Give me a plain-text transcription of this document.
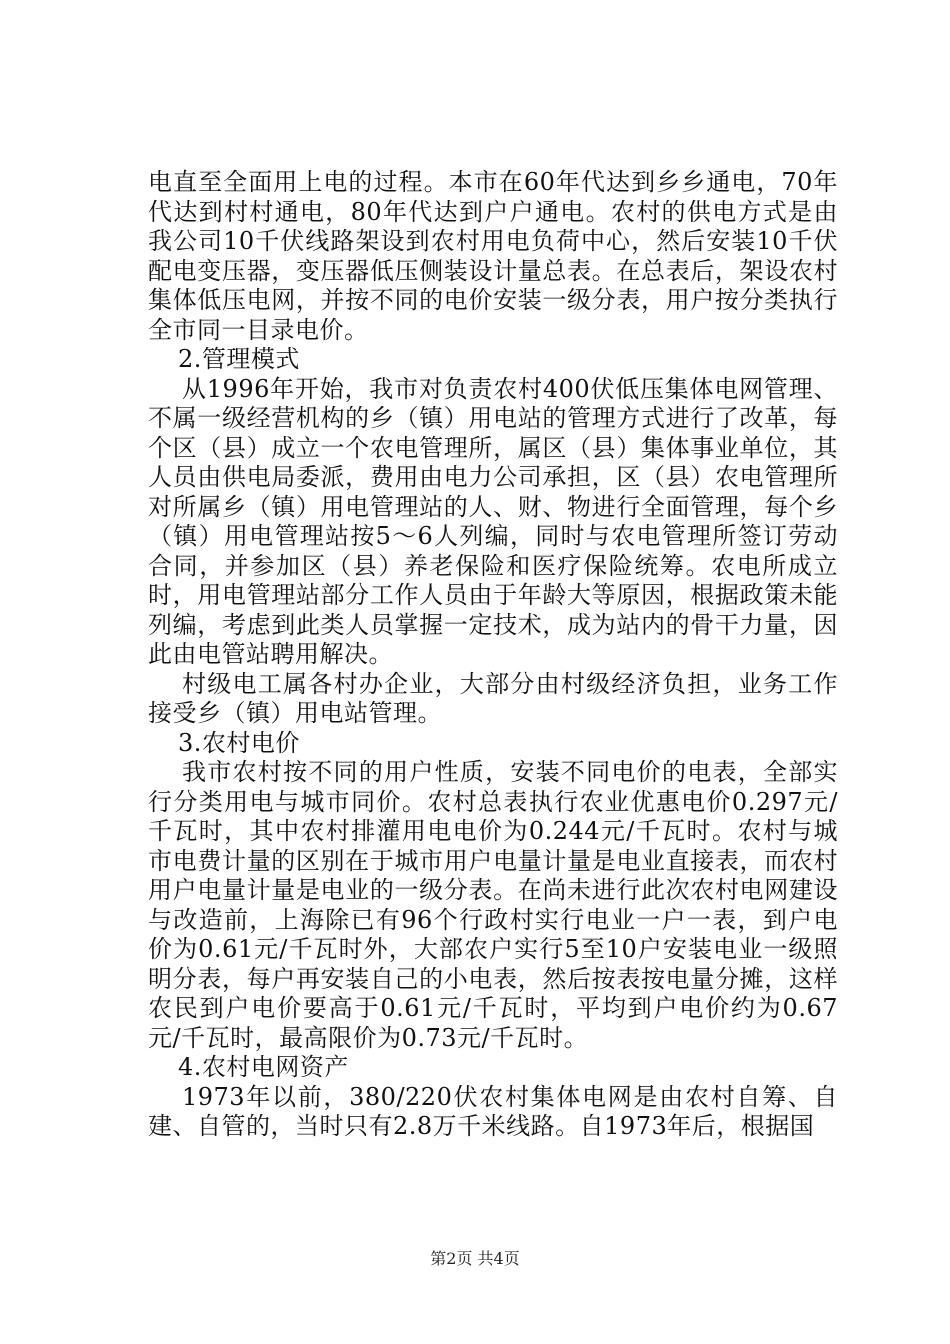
电直至全面用上电的过程。本市在60年代达到乡乡通电，70年代达到村村通电，80年代达到户户通电。农村的供电方式是由我公司10千伏线路架设到农村用电负荷中心，然后安装10千伏配电变压器，变压器低压侧装设计量总表。在总表后，架设农村集体低压电网，并按不同的电价安装一级分表，用户按分类执行全市同一目录电价。

2.管理模式

从1996年开始，我市对负责农村400伏低压集体电网管理、不属一级经营机构的乡（镇）用电站的管理方式进行了改革，每个区（县）成立一个农电管理所，属区（县）集体事业单位，其人员由供电局委派，费用由电力公司承担，区（县）农电管理所对所属乡（镇）用电管理站的人、财、物进行全面管理，每个乡（镇）用电管理站按5～6人列编，同时与农电管理所签订劳动合同，并参加区（县）养老保险和医疗保险统筹。农电所成立时，用电管理站部分工作人员由于年龄大等原因，根据政策未能列编，考虑到此类人员掌握一定技术，成为站内的骨干力量，因此由电管站聘用解决。

村级电工属各村办企业，大部分由村级经济负担，业务工作接受乡（镇）用电站管理。

3.农村电价

我市农村按不同的用户性质，安装不同电价的电表，全部实行分类用电与城市同价。农村总表执行农业优惠电价0.297元/千瓦时，其中农村排灌用电电价为0.244元/千瓦时。农村与城市电费计量的区别在于城市用户电量计量是电业直接表，而农村用户电量计量是电业的一级分表。在尚未进行此次农村电网建设与改造前，上海除已有96个行政村实行电业一户一表，到户电价为0.61元/千瓦时外，大部农户实行5至10户安装电业一级照明分表，每户再安装自己的小电表，然后按表按电量分摊，这样农民到户电价要高于0.61元/千瓦时，平均到户电价约为0.67元/千瓦时，最高限价为0.73元/千瓦时。

4.农村电网资产

1973年以前，380/220伏农村集体电网是由农村自筹、自建、自管的，当时只有2.8万千米线路。自1973年后，根据国

第2页 共4页
